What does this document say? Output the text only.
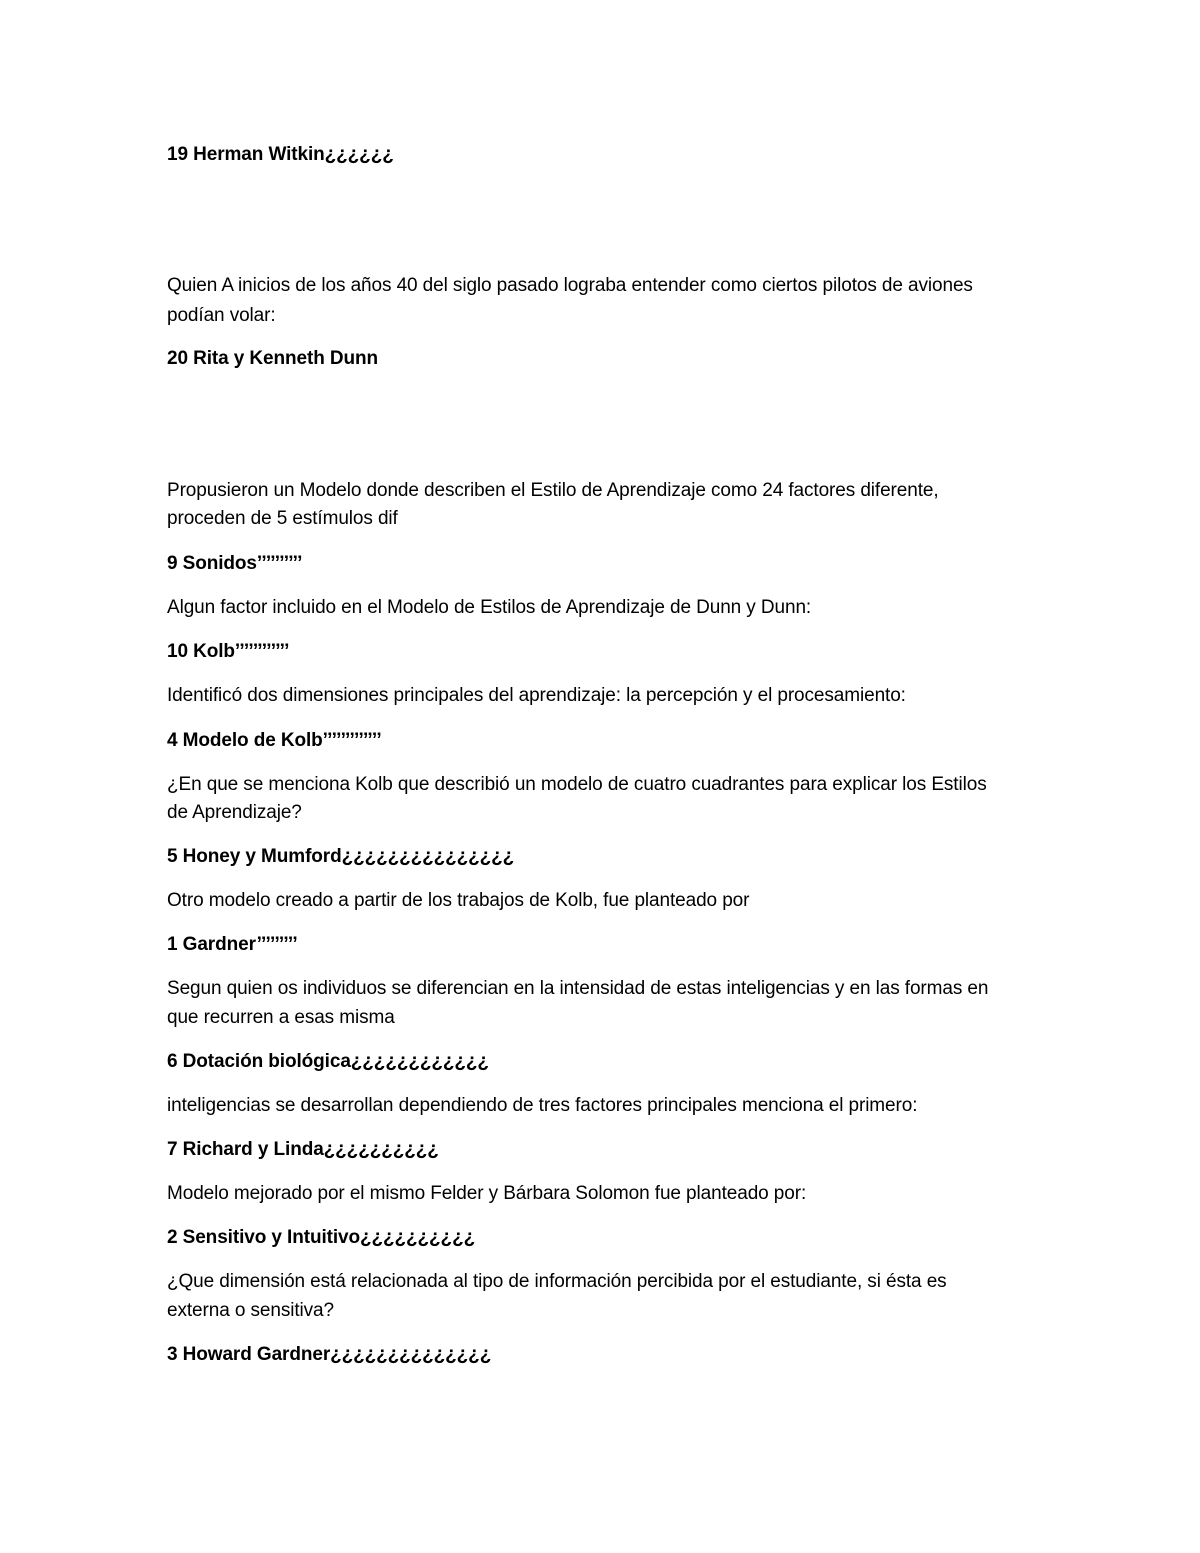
19 Herman Witkin¿¿¿¿¿¿
Quien A inicios de los años 40 del siglo pasado lograba entender como ciertos pilotos de aviones
podían volar:
20 Rita y Kenneth Dunn
Propusieron un Modelo donde describen el Estilo de Aprendizaje como 24 factores diferente,
proceden de 5 estímulos dif
9 Sonidos’’’’’’’’’’
Algun factor incluido en el Modelo de Estilos de Aprendizaje de Dunn y Dunn:
10 Kolb’’’’’’’’’’’’
Identificó dos dimensiones principales del aprendizaje: la percepción y el procesamiento:
4 Modelo de Kolb’’’’’’’’’’’’’
¿En que se menciona Kolb que describió un modelo de cuatro cuadrantes para explicar los Estilos
de Aprendizaje?
5 Honey y Mumford¿¿¿¿¿¿¿¿¿¿¿¿¿¿¿
Otro modelo creado a partir de los trabajos de Kolb, fue planteado por
1 Gardner’’’’’’’’’
Segun quien os individuos se diferencian en la intensidad de estas inteligencias y en las formas en
que recurren a esas misma
6 Dotación biológica¿¿¿¿¿¿¿¿¿¿¿¿
inteligencias se desarrollan dependiendo de tres factores principales menciona el primero:
7 Richard y Linda¿¿¿¿¿¿¿¿¿¿
Modelo mejorado por el mismo Felder y Bárbara Solomon fue planteado por:
2 Sensitivo y Intuitivo¿¿¿¿¿¿¿¿¿¿
¿Que dimensión está relacionada al tipo de información percibida por el estudiante, si ésta es
externa o sensitiva?
3 Howard Gardner¿¿¿¿¿¿¿¿¿¿¿¿¿¿
